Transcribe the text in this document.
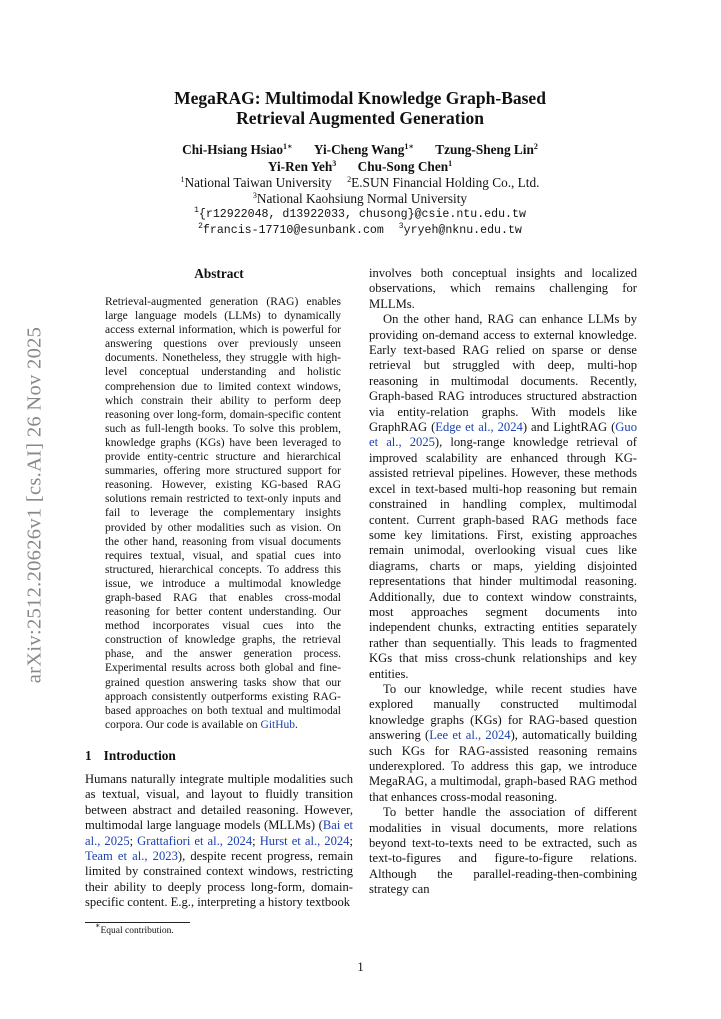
arXiv:2512.20626v1 [cs.AI] 26 Nov 2025
MegaRAG: Multimodal Knowledge Graph-Based
Retrieval Augmented Generation
Chi-Hsiang Hsiao$^{1∗}$ Yi-Cheng Wang$^{1∗}$ Tzung-Sheng Lin$^2$
Yi-Ren Yeh$^3$ Chu-Song Chen$^1$
$^1$National Taiwan University $^2$E.SUN Financial Holding Co., Ltd.
$^3$National Kaohsiung Normal University
$^1${r12922048, d13922033, chusong}@csie.ntu.edu.tw
$^2$francis-17710@esunbank.com $^3$yryeh@nknu.edu.tw
Abstract

Retrieval-augmented generation (RAG) enables large language models (LLMs) to dynamically access external information, which is powerful for answering questions over previously unseen documents. Nonetheless, they struggle with high-level conceptual understanding and holistic comprehension due to limited context windows, which constrain their ability to perform deep reasoning over long-form, domain-specific content such as full-length books. To solve this problem, knowledge graphs (KGs) have been leveraged to provide entity-centric structure and hierarchical summaries, offering more structured support for reasoning. However, existing KG-based RAG solutions remain restricted to text-only inputs and fail to leverage the complementary insights provided by other modalities such as vision. On the other hand, reasoning from visual documents requires textual, visual, and spatial cues into structured, hierarchical concepts. To address this issue, we introduce a multimodal knowledge graph-based RAG that enables cross-modal reasoning for better content understanding. Our method incorporates visual cues into the construction of knowledge graphs, the retrieval phase, and the answer generation process. Experimental results across both global and fine-grained question answering tasks show that our approach consistently outperforms existing RAG-based approaches on both textual and multimodal corpora. Our code is available on GitHub.

1 Introduction

Humans naturally integrate multiple modalities such as textual, visual, and layout to fluidly transition between abstract and detailed reasoning. However, multimodal large language models (MLLMs) (Bai et al., 2025; Grattafiori et al., 2024; Hurst et al., 2024; Team et al., 2023), despite recent progress, remain limited by constrained context windows, restricting their ability to deeply process long-form, domain-specific content. E.g., interpreting a history textbook

involves both conceptual insights and localized observations, which remains challenging for MLLMs.

On the other hand, RAG can enhance LLMs by providing on-demand access to external knowledge. Early text-based RAG relied on sparse or dense retrieval but struggled with deep, multi-hop reasoning in multimodal documents. Recently, Graph-based RAG introduces structured abstraction via entity-relation graphs. With models like GraphRAG (Edge et al., 2024) and LightRAG (Guo et al., 2025), long-range knowledge retrieval of improved scalability are enhanced through KG-assisted retrieval pipelines. However, these methods excel in text-based multi-hop reasoning but remain constrained in handling complex, multimodal content. Current graph-based RAG methods face some key limitations. First, existing approaches remain unimodal, overlooking visual cues like diagrams, charts or maps, yielding disjointed representations that hinder multimodal reasoning. Additionally, due to context window constraints, most approaches segment documents into independent chunks, extracting entities separately rather than sequentially. This leads to fragmented KGs that miss cross-chunk relationships and key entities.

To our knowledge, while recent studies have explored manually constructed multimodal knowledge graphs (KGs) for RAG-based question answering (Lee et al., 2024), automatically building such KGs for RAG-assisted reasoning remains underexplored. To address this gap, we introduce MegaRAG, a multimodal, graph-based RAG method that enhances cross-modal reasoning.

To better handle the association of different modalities in visual documents, more relations beyond text-to-texts need to be extracted, such as text-to-figures and figure-to-figure relations. Although the parallel-reading-then-combining strategy can

∗Equal contribution.
1
